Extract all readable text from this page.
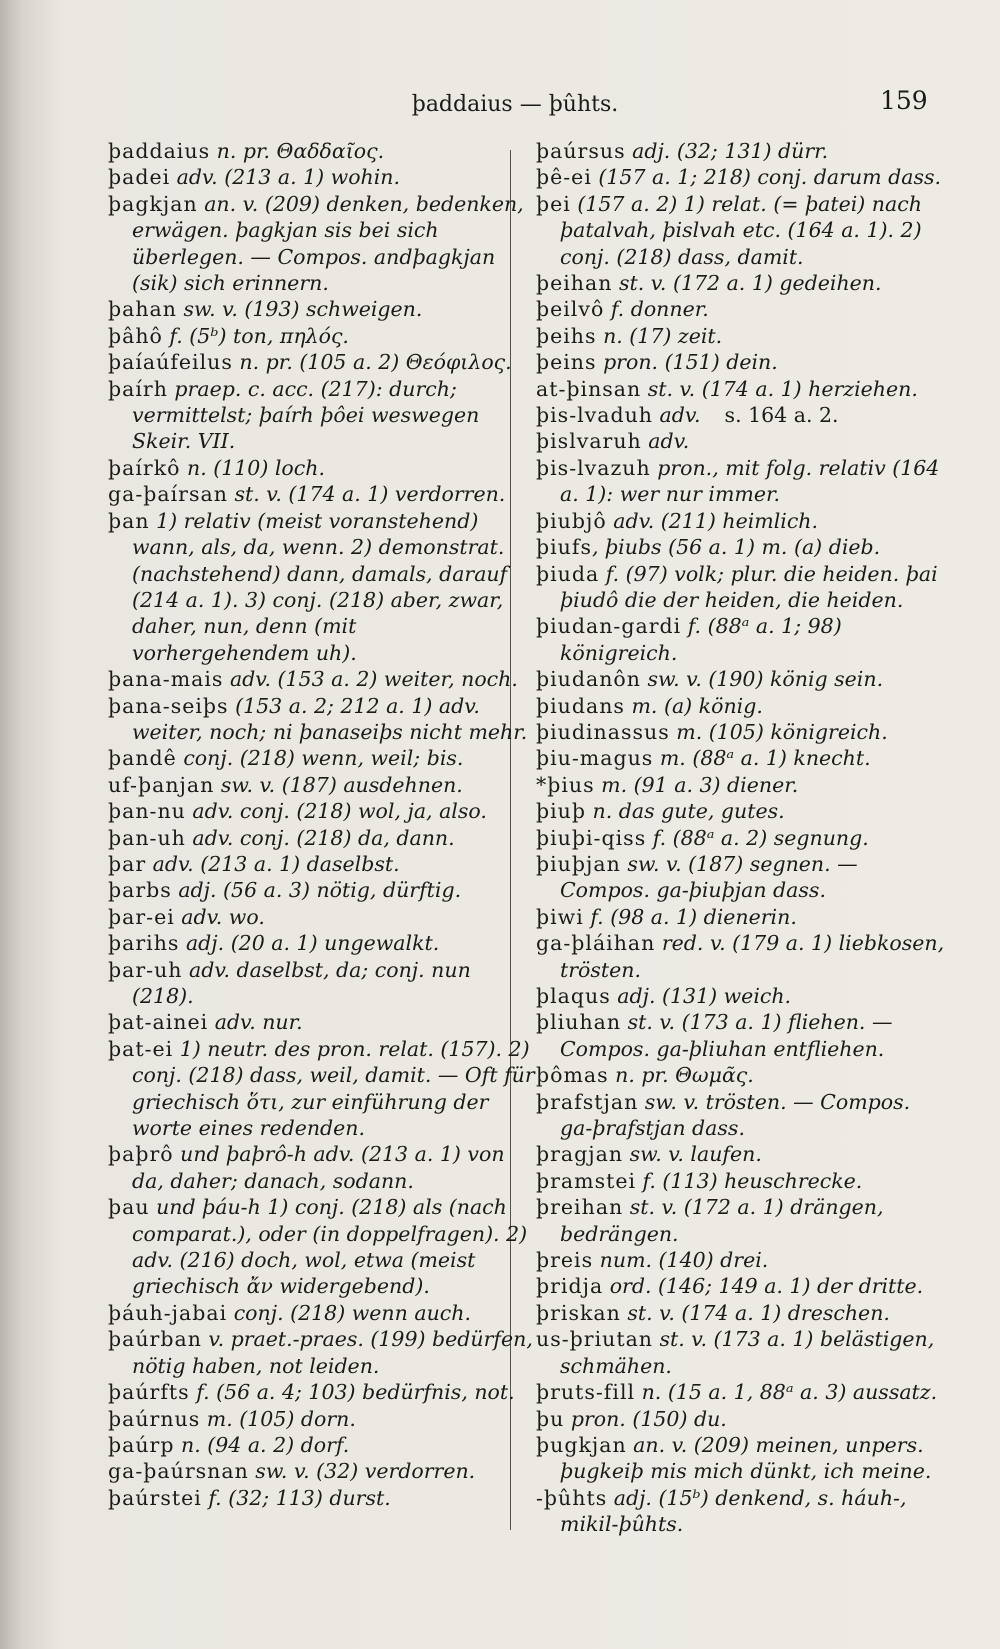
þaddaius — þûhts.	159

þaddaius n. pr. Θαδδαῖος.

þadei adv. (213 a. 1) wohin.

þagkjan an. v. (209) denken, bedenken, erwägen. þagkjan sis bei sich überlegen. — Compos. andþagkjan (sik) sich erinnern.

þahan sw. v. (193) schweigen.

þâhô f. (5ᵇ) ton, πηλός.

þaíaúfeilus n. pr. (105 a. 2) Θεόφιλος.

þaírh praep. c. acc. (217): durch; vermittelst; þaírh þôei weswegen Skeir. VII.

þaírkô n. (110) loch.

ga-þaírsan st. v. (174 a. 1) verdorren.

þan 1) relativ (meist voranstehend) wann, als, da, wenn. 2) demonstrat. (nachstehend) dann, damals, darauf (214 a. 1). 3) conj. (218) aber, zwar, daher, nun, denn (mit vorhergehendem uh).

þana-mais adv. (153 a. 2) weiter, noch.

þana-seiþs (153 a. 2; 212 a. 1) adv. weiter, noch; ni þanaseiþs nicht mehr.

þandê conj. (218) wenn, weil; bis.

uf-þanjan sw. v. (187) ausdehnen.

þan-nu adv. conj. (218) wol, ja, also.

þan-uh adv. conj. (218) da, dann.

þar adv. (213 a. 1) daselbst.

þarbs adj. (56 a. 3) nötig, dürftig.

þar-ei adv. wo.

þarihs adj. (20 a. 1) ungewalkt.

þar-uh adv. daselbst, da; conj. nun (218).

þat-ainei adv. nur.

þat-ei 1) neutr. des pron. relat. (157). 2) conj. (218) dass, weil, damit. — Oft für griechisch ὅτι, zur einführung der worte eines redenden.

þaþrô und þaþrô-h adv. (213 a. 1) von da, daher; danach, sodann.

þau und þáu-h 1) conj. (218) als (nach comparat.), oder (in doppelfragen). 2) adv. (216) doch, wol, etwa (meist griechisch ἄν widergebend).

þáuh-jabai conj. (218) wenn auch.

þaúrban v. praet.-praes. (199) bedürfen, nötig haben, not leiden.

þaúrfts f. (56 a. 4; 103) bedürfnis, not.

þaúrnus m. (105) dorn.

þaúrp n. (94 a. 2) dorf.

ga-þaúrsnan sw. v. (32) verdorren.

þaúrstei f. (32; 113) durst.

þaúrsus adj. (32; 131) dürr.

þê-ei (157 a. 1; 218) conj. darum dass.

þei (157 a. 2) 1) relat. (= þatei) nach þatalvah, þislvah etc. (164 a. 1). 2) conj. (218) dass, damit.

þeihan st. v. (172 a. 1) gedeihen.

þeilvô f. donner.

þeihs n. (17) zeit.

þeins pron. (151) dein.

at-þinsan st. v. (174 a. 1) herziehen.

þis-lvaduh adv. s. 164 a. 2.

þislvaruh adv.

þis-lvazuh pron., mit folg. relativ (164 a. 1): wer nur immer.

þiubjô adv. (211) heimlich.

þiufs, þiubs (56 a. 1) m. (a) dieb.

þiuda f. (97) volk; plur. die heiden. þai þiudô die der heiden, die heiden.

þiudan-gardi f. (88ᵃ a. 1; 98) königreich.

þiudanôn sw. v. (190) könig sein.

þiudans m. (a) könig.

þiudinassus m. (105) königreich.

þiu-magus m. (88ᵃ a. 1) knecht.

*þius m. (91 a. 3) diener.

þiuþ n. das gute, gutes.

þiuþi-qiss f. (88ᵃ a. 2) segnung.

þiuþjan sw. v. (187) segnen. — Compos. ga-þiuþjan dass.

þiwi f. (98 a. 1) dienerin.

ga-þláihan red. v. (179 a. 1) liebkosen, trösten.

þlaqus adj. (131) weich.

þliuhan st. v. (173 a. 1) fliehen. — Compos. ga-þliuhan entfliehen.

þômas n. pr. Θωμᾶς.

þrafstjan sw. v. trösten. — Compos. ga-þrafstjan dass.

þragjan sw. v. laufen.

þramstei f. (113) heuschrecke.

þreihan st. v. (172 a. 1) drängen, bedrängen.

þreis num. (140) drei.

þridja ord. (146; 149 a. 1) der dritte.

þriskan st. v. (174 a. 1) dreschen.

us-þriutan st. v. (173 a. 1) belästigen, schmähen.

þruts-fill n. (15 a. 1, 88ᵃ a. 3) aussatz.

þu pron. (150) du.

þugkjan an. v. (209) meinen, unpers. þugkeiþ mis mich dünkt, ich meine.

-þûhts adj. (15ᵇ) denkend, s. háuh-, mikil-þûhts.
